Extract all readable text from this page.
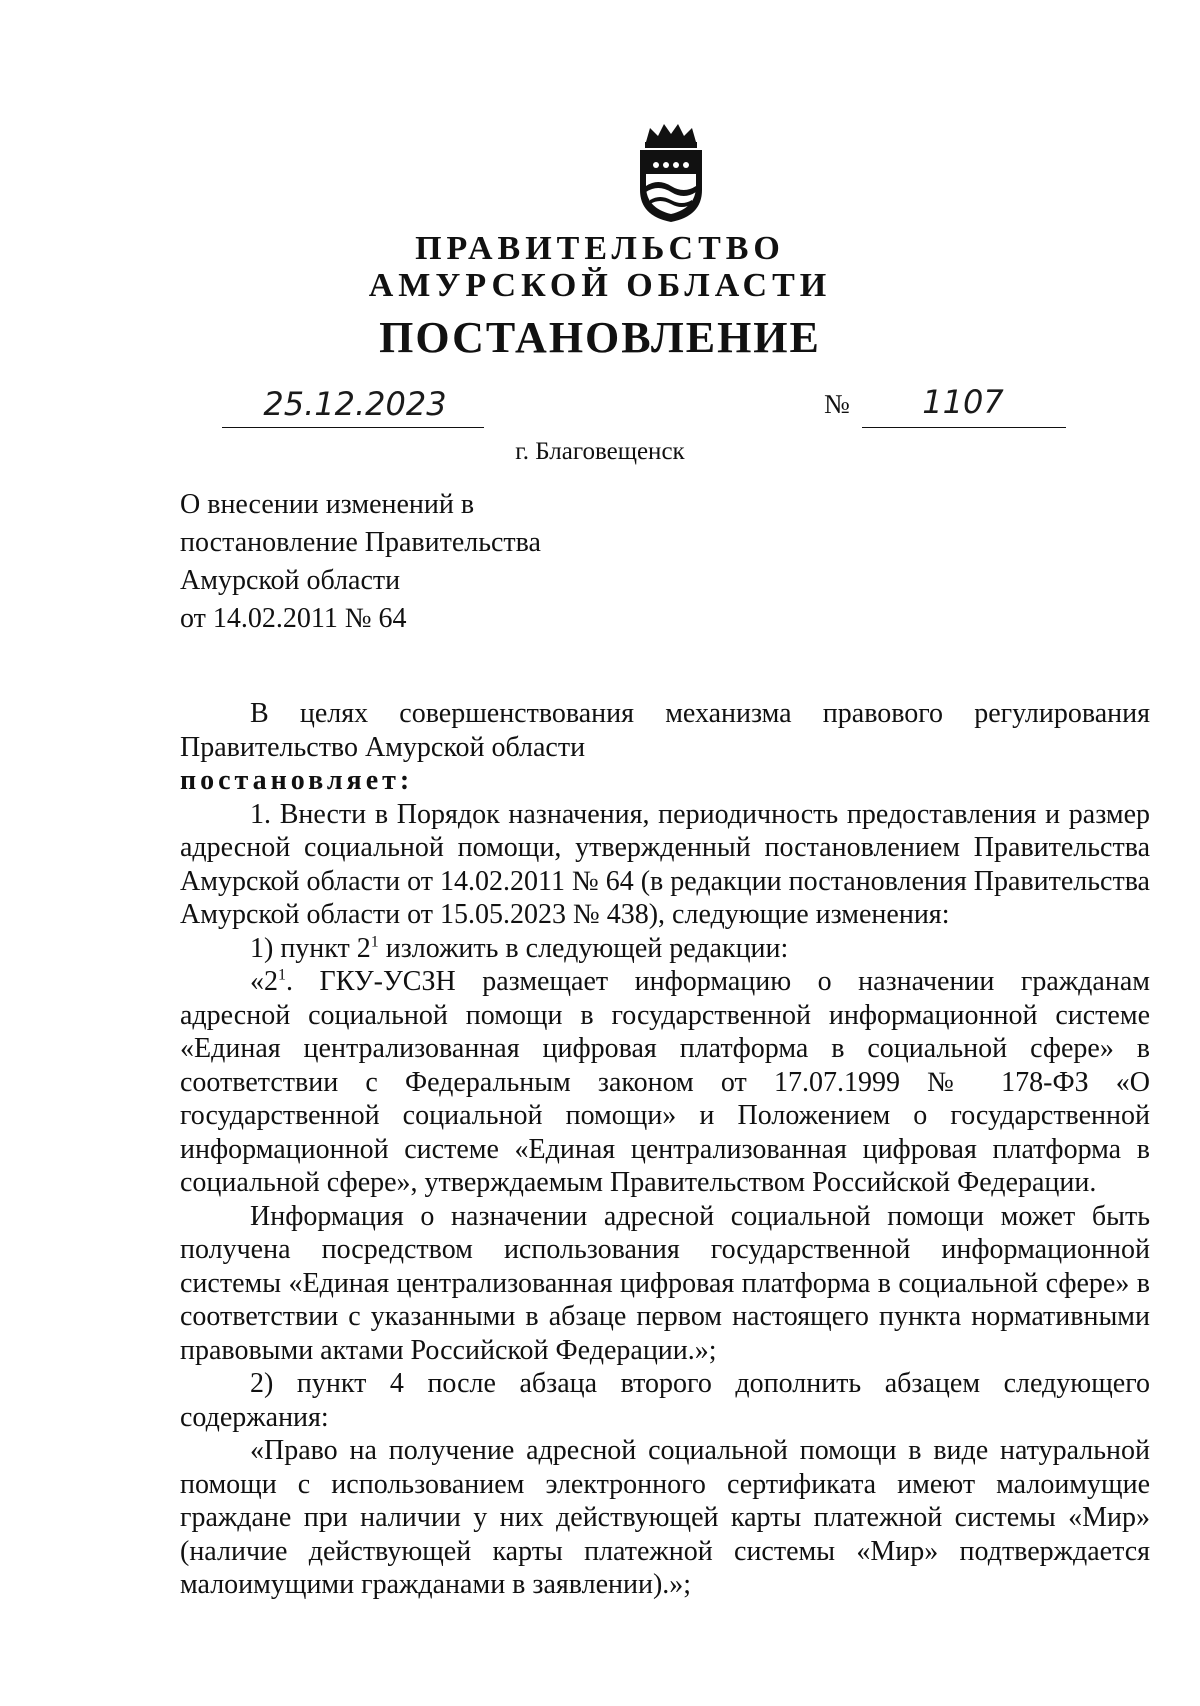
ПРАВИТЕЛЬСТВО
АМУРСКОЙ ОБЛАСТИ
ПОСТАНОВЛЕНИЕ
25.12.2023	№	1107
г. Благовещенск
О внесении изменений в
постановление Правительства
Амурской области
от 14.02.2011 № 64

В целях совершенствования механизма правового регулирования Правительство Амурской области

постановляет:

1. Внести в Порядок назначения, периодичность предоставления и размер адресной социальной помощи, утвержденный постановлением Правительства Амурской области от 14.02.2011 № 64 (в редакции постановления Правительства Амурской области от 15.05.2023 № 438), следующие изменения:

1) пункт $2^1$ изложить в следующей редакции:

«$2^1$. ГКУ-УСЗН размещает информацию о назначении гражданам адресной социальной помощи в государственной информационной системе «Единая централизованная цифровая платформа в социальной сфере» в соответствии с Федеральным законом от 17.07.1999 № 178-ФЗ «О государственной социальной помощи» и Положением о государственной информационной системе «Единая централизованная цифровая платформа в социальной сфере», утверждаемым Правительством Российской Федерации.

Информация о назначении адресной социальной помощи может быть получена посредством использования государственной информационной системы «Единая централизованная цифровая платформа в социальной сфере» в соответствии с указанными в абзаце первом настоящего пункта нормативными правовыми актами Российской Федерации.»;

2) пункт 4 после абзаца второго дополнить абзацем следующего содержания:

«Право на получение адресной социальной помощи в виде натуральной помощи с использованием электронного сертификата имеют малоимущие граждане при наличии у них действующей карты платежной системы «Мир» (наличие действующей карты платежной системы «Мир» подтверждается малоимущими гражданами в заявлении).»;
